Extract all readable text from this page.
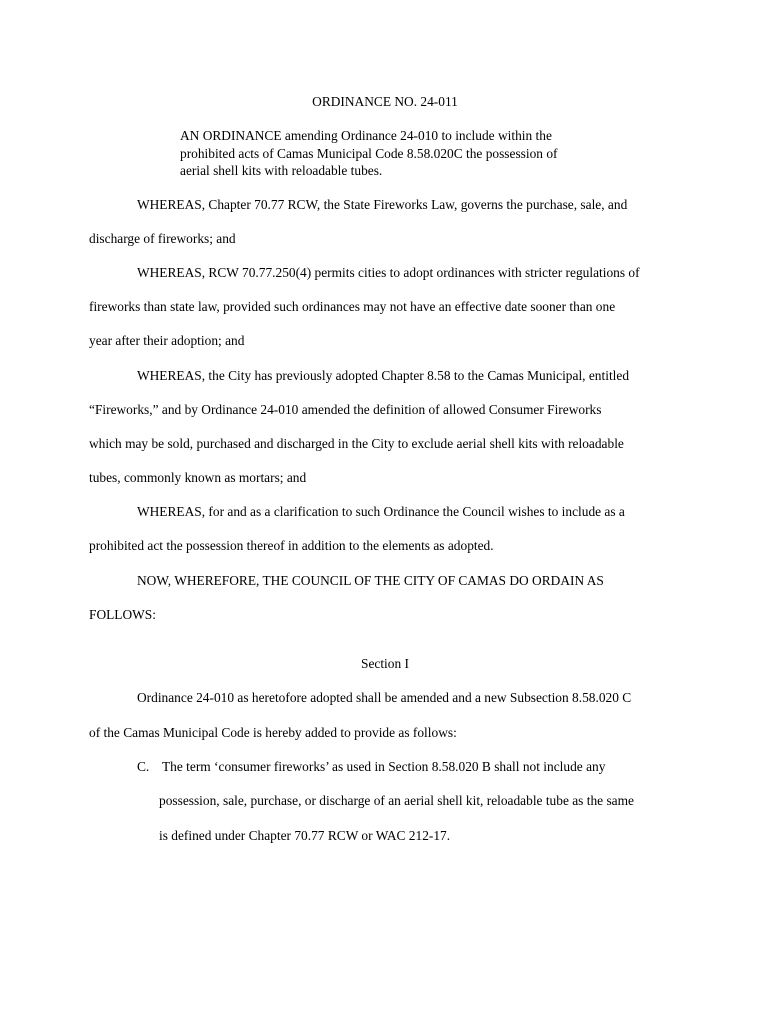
ORDINANCE NO. 24-011
AN ORDINANCE amending Ordinance 24-010 to include within the
prohibited acts of Camas Municipal Code 8.58.020C the possession of
aerial shell kits with reloadable tubes.
WHEREAS, Chapter 70.77 RCW, the State Fireworks Law, governs the purchase, sale, and
discharge of fireworks; and
WHEREAS, RCW 70.77.250(4) permits cities to adopt ordinances with stricter regulations of
fireworks than state law, provided such ordinances may not have an effective date sooner than one
year after their adoption; and
WHEREAS, the City has previously adopted Chapter 8.58 to the Camas Municipal, entitled
“Fireworks,” and by Ordinance 24-010 amended the definition of allowed Consumer Fireworks
which may be sold, purchased and discharged in the City to exclude aerial shell kits with reloadable
tubes, commonly known as mortars; and
WHEREAS, for and as a clarification to such Ordinance the Council wishes to include as a
prohibited act the possession thereof in addition to the elements as adopted.
NOW, WHEREFORE, THE COUNCIL OF THE CITY OF CAMAS DO ORDAIN AS
FOLLOWS:
Section I
Ordinance 24-010 as heretofore adopted shall be amended and a new Subsection 8.58.020 C
of the Camas Municipal Code is hereby added to provide as follows:
C. The term ‘consumer fireworks’ as used in Section 8.58.020 B shall not include any
possession, sale, purchase, or discharge of an aerial shell kit, reloadable tube as the same
is defined under Chapter 70.77 RCW or WAC 212-17.
